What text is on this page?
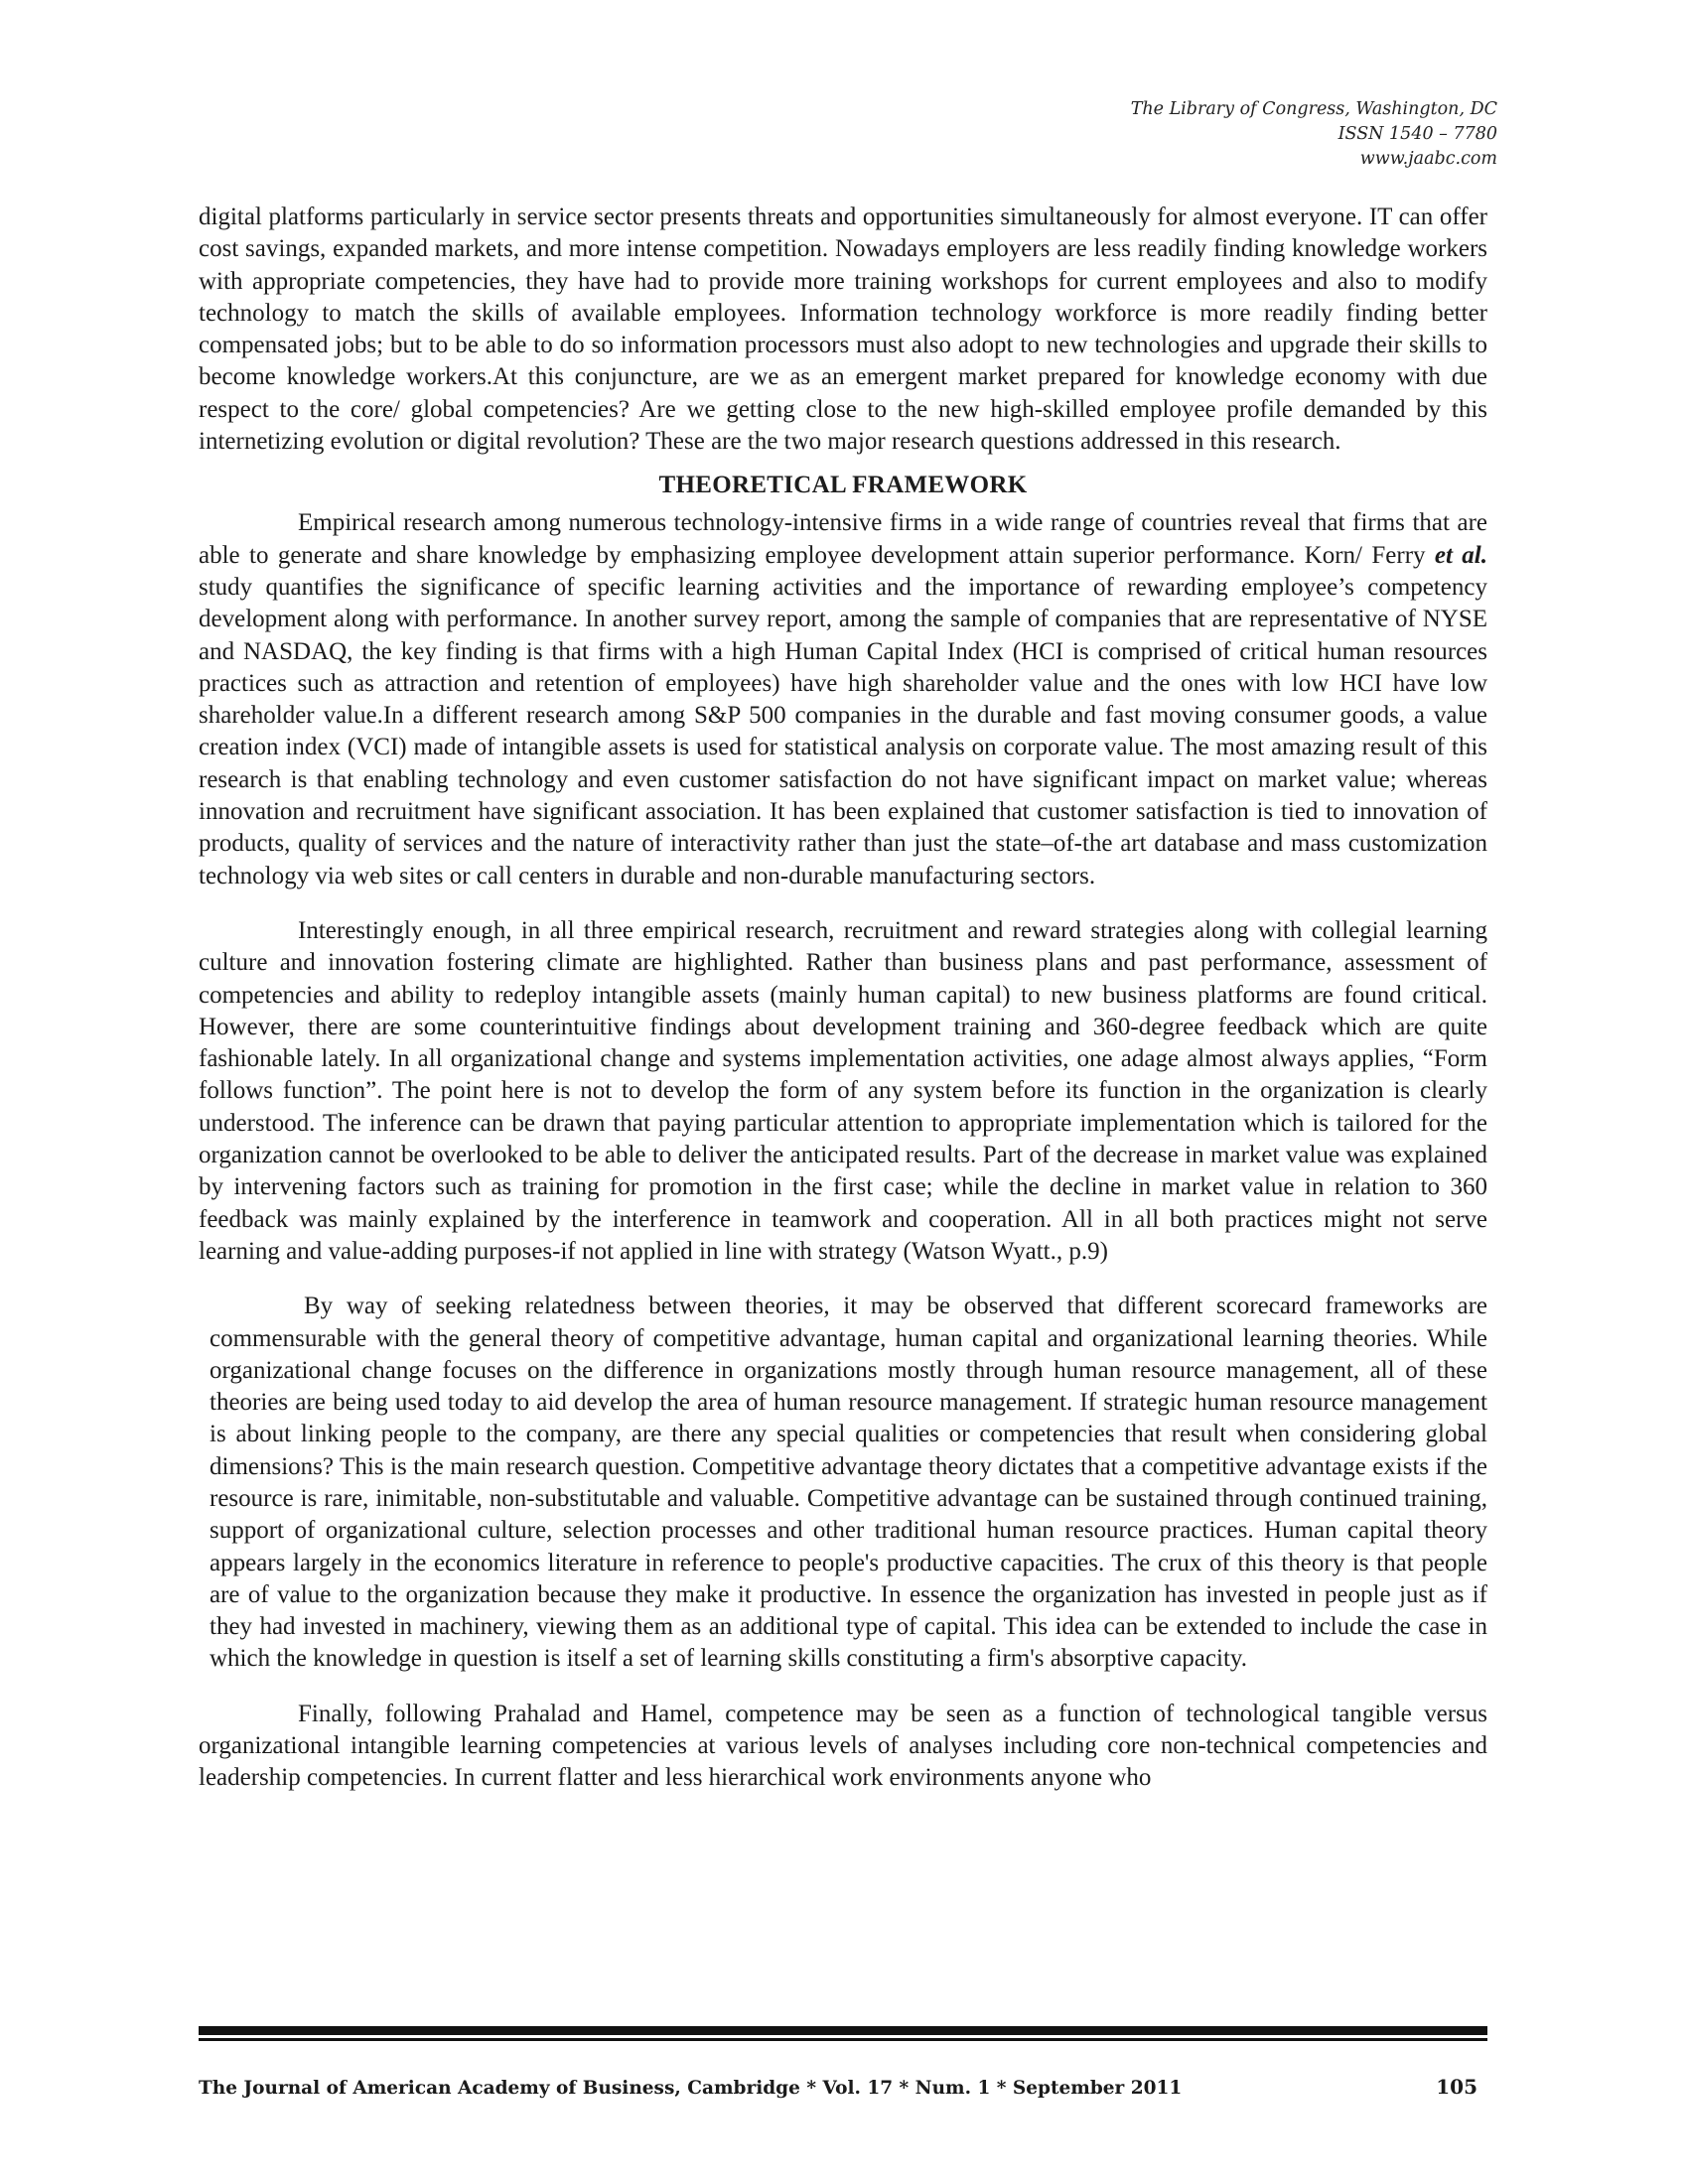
The Library of Congress, Washington, DC
ISSN 1540 – 7780
www.jaabc.com

digital platforms particularly in service sector presents threats and opportunities simultaneously for almost everyone. IT can offer cost savings, expanded markets, and more intense competition. Nowadays employers are less readily finding knowledge workers with appropriate competencies, they have had to provide more training workshops for current employees and also to modify technology to match the skills of available employees. Information technology workforce is more readily finding better compensated jobs; but to be able to do so information processors must also adopt to new technologies and upgrade their skills to become knowledge workers.At this conjuncture, are we as an emergent market prepared for knowledge economy with due respect to the core/ global competencies? Are we getting close to the new high-skilled employee profile demanded by this internetizing evolution or digital revolution? These are the two major research questions addressed in this research.

THEORETICAL FRAMEWORK

Empirical research among numerous technology-intensive firms in a wide range of countries reveal that firms that are able to generate and share knowledge by emphasizing employee development attain superior performance. Korn/ Ferry et al. study quantifies the significance of specific learning activities and the importance of rewarding employee’s competency development along with performance. In another survey report, among the sample of companies that are representative of NYSE and NASDAQ, the key finding is that firms with a high Human Capital Index (HCI is comprised of critical human resources practices such as attraction and retention of employees) have high shareholder value and the ones with low HCI have low shareholder value.In a different research among S&P 500 companies in the durable and fast moving consumer goods, a value creation index (VCI) made of intangible assets is used for statistical analysis on corporate value. The most amazing result of this research is that enabling technology and even customer satisfaction do not have significant impact on market value; whereas innovation and recruitment have significant association. It has been explained that customer satisfaction is tied to innovation of products, quality of services and the nature of interactivity rather than just the state–of-the art database and mass customization technology via web sites or call centers in durable and non-durable manufacturing sectors.

Interestingly enough, in all three empirical research, recruitment and reward strategies along with collegial learning culture and innovation fostering climate are highlighted. Rather than business plans and past performance, assessment of competencies and ability to redeploy intangible assets (mainly human capital) to new business platforms are found critical. However, there are some counterintuitive findings about development training and 360-degree feedback which are quite fashionable lately. In all organizational change and systems implementation activities, one adage almost always applies, “Form follows function”. The point here is not to develop the form of any system before its function in the organization is clearly understood. The inference can be drawn that paying particular attention to appropriate implementation which is tailored for the organization cannot be overlooked to be able to deliver the anticipated results. Part of the decrease in market value was explained by intervening factors such as training for promotion in the first case; while the decline in market value in relation to 360 feedback was mainly explained by the interference in teamwork and cooperation. All in all both practices might not serve learning and value-adding purposes-if not applied in line with strategy (Watson Wyatt., p.9)

By way of seeking relatedness between theories, it may be observed that different scorecard frameworks are commensurable with the general theory of competitive advantage, human capital and organizational learning theories. While organizational change focuses on the difference in organizations mostly through human resource management, all of these theories are being used today to aid develop the area of human resource management. If strategic human resource management is about linking people to the company, are there any special qualities or competencies that result when considering global dimensions? This is the main research question. Competitive advantage theory dictates that a competitive advantage exists if the resource is rare, inimitable, non-substitutable and valuable. Competitive advantage can be sustained through continued training, support of organizational culture, selection processes and other traditional human resource practices. Human capital theory appears largely in the economics literature in reference to people's productive capacities. The crux of this theory is that people are of value to the organization because they make it productive. In essence the organization has invested in people just as if they had invested in machinery, viewing them as an additional type of capital. This idea can be extended to include the case in which the knowledge in question is itself a set of learning skills constituting a firm's absorptive capacity.

Finally, following Prahalad and Hamel, competence may be seen as a function of technological tangible versus organizational intangible learning competencies at various levels of analyses including core non-technical competencies and leadership competencies. In current flatter and less hierarchical work environments anyone who

The Journal of American Academy of Business, Cambridge * Vol. 17 * Num. 1 * September 2011	105
